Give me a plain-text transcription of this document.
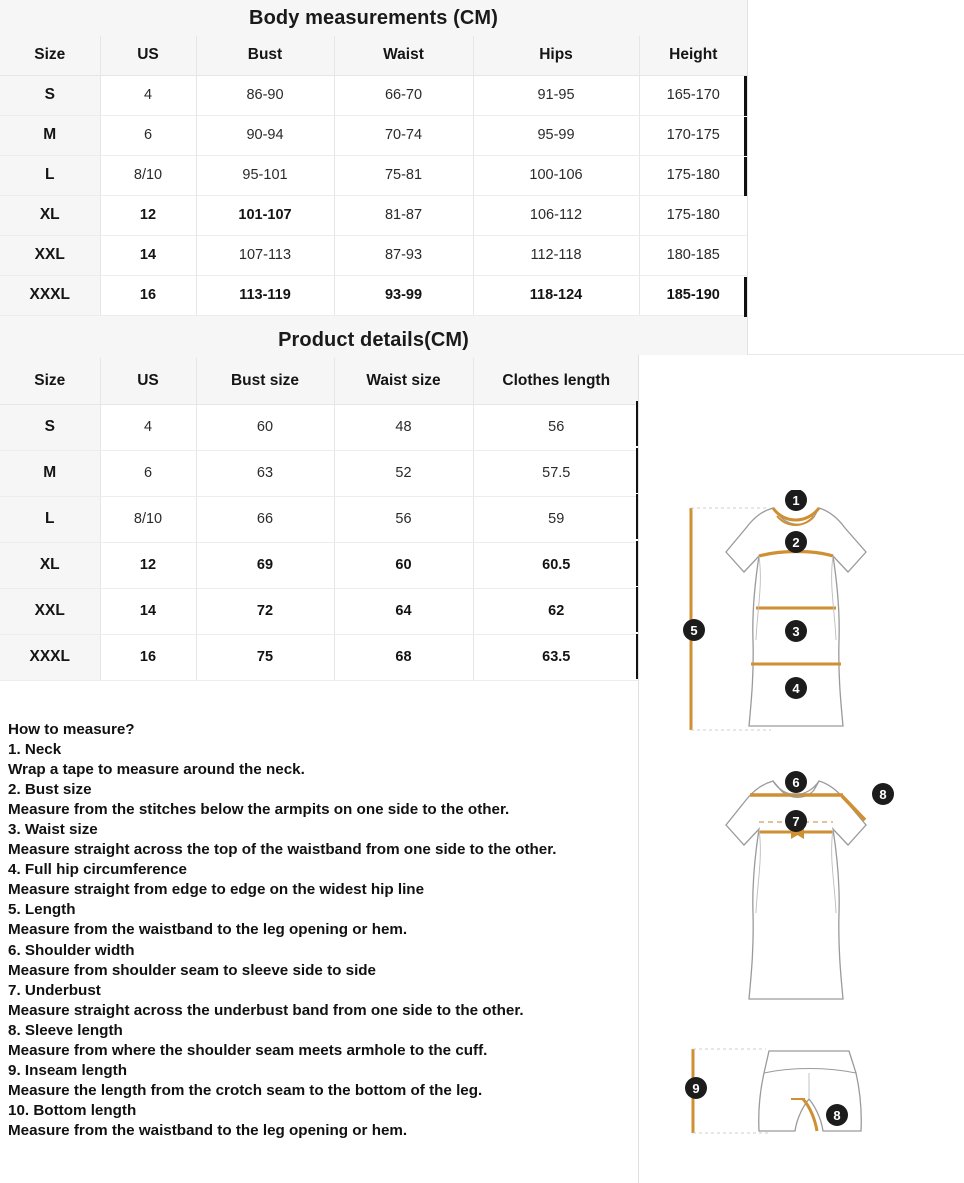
Body measurements (CM)
Size	US	Bust	Waist	Hips	Height
S	4	86-90	66-70	91-95	165-170
M	6	90-94	70-74	95-99	170-175
L	8/10	95-101	75-81	100-106	175-180
XL	12	101-107	81-87	106-112	175-180
XXL	14	107-113	87-93	112-118	180-185
XXXL	16	113-119	93-99	118-124	185-190
Product details(CM)
Size	US	Bust size	Waist size	Clothes length
S	4	60	48	56
M	6	63	52	57.5
L	8/10	66	56	59
XL	12	69	60	60.5
XXL	14	72	64	62
XXXL	16	75	68	63.5
How to measure?
1. Neck
Wrap a tape to measure around the neck.
2. Bust size
Measure from the stitches below the armpits on one side to the other.
3. Waist size
Measure straight across the top of the waistband from one side to the other.
4. Full hip circumference
Measure straight from edge to edge on the widest hip line
5. Length
Measure from the waistband to the leg opening or hem.
6. Shoulder width
Measure from shoulder seam to sleeve side to side
7. Underbust
Measure straight across the underbust band from one side to the other.
8. Sleeve length
Measure from where the shoulder seam meets armhole to the cuff.
9. Inseam length
Measure the length from the crotch seam to the bottom of the leg.
10. Bottom length
Measure from the waistband to the leg opening or hem.
1
2
3
4
5
6
7
8
9
8
